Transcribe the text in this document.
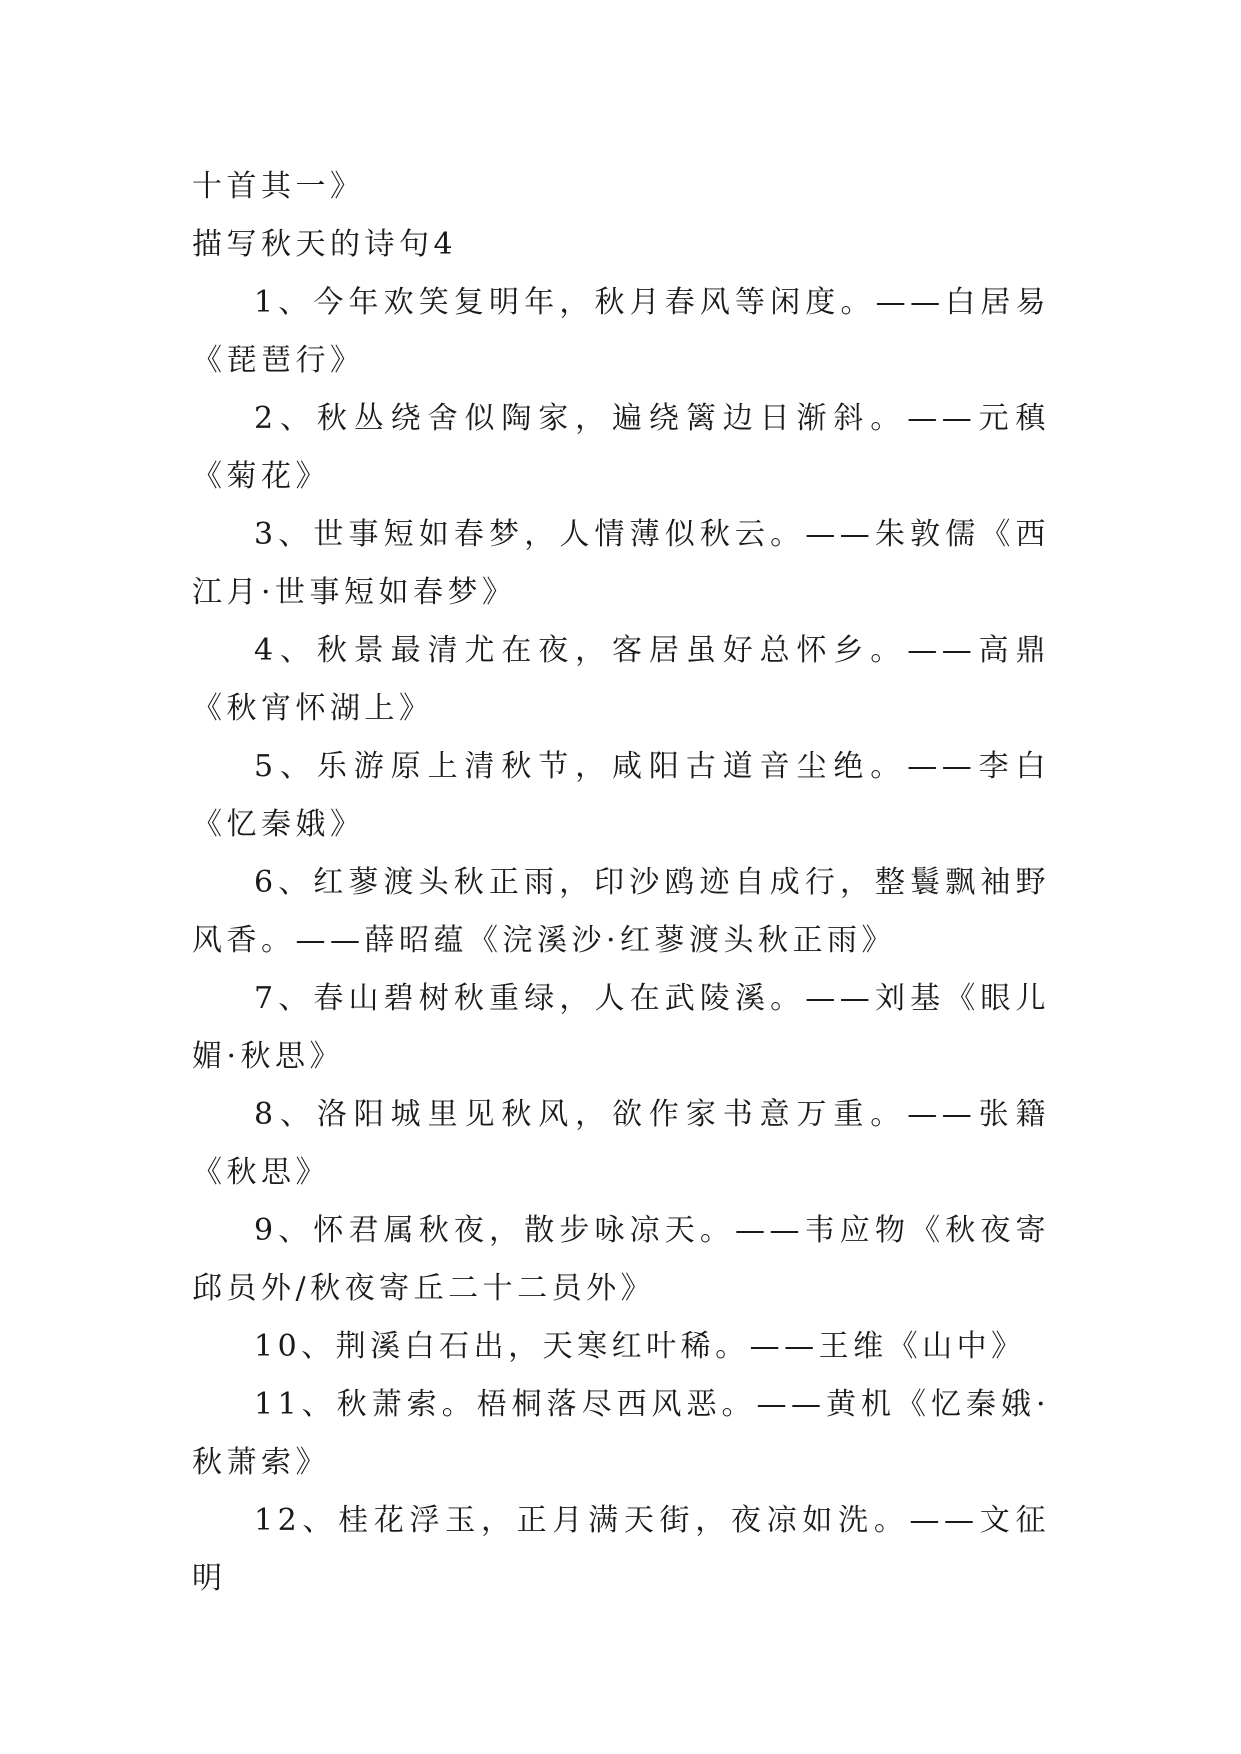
十首其一》

描写秋天的诗句4

1、今年欢笑复明年，秋月春风等闲度。——白居易《琵琶行》

2、秋丛绕舍似陶家，遍绕篱边日渐斜。——元稹《菊花》

3、世事短如春梦，人情薄似秋云。——朱敦儒《西江月·世事短如春梦》

4、秋景最清尤在夜，客居虽好总怀乡。——高鼎《秋宵怀湖上》

5、乐游原上清秋节，咸阳古道音尘绝。——李白《忆秦娥》

6、红蓼渡头秋正雨，印沙鸥迹自成行，整鬟飘袖野风香。——薛昭蕴《浣溪沙·红蓼渡头秋正雨》

7、春山碧树秋重绿，人在武陵溪。——刘基《眼儿媚·秋思》

8、洛阳城里见秋风，欲作家书意万重。——张籍《秋思》

9、怀君属秋夜，散步咏凉天。——韦应物《秋夜寄邱员外/秋夜寄丘二十二员外》

10、荆溪白石出，天寒红叶稀。——王维《山中》

11、秋萧索。梧桐落尽西风恶。——黄机《忆秦娥·秋萧索》

12、桂花浮玉，正月满天街，夜凉如洗。——文征明
